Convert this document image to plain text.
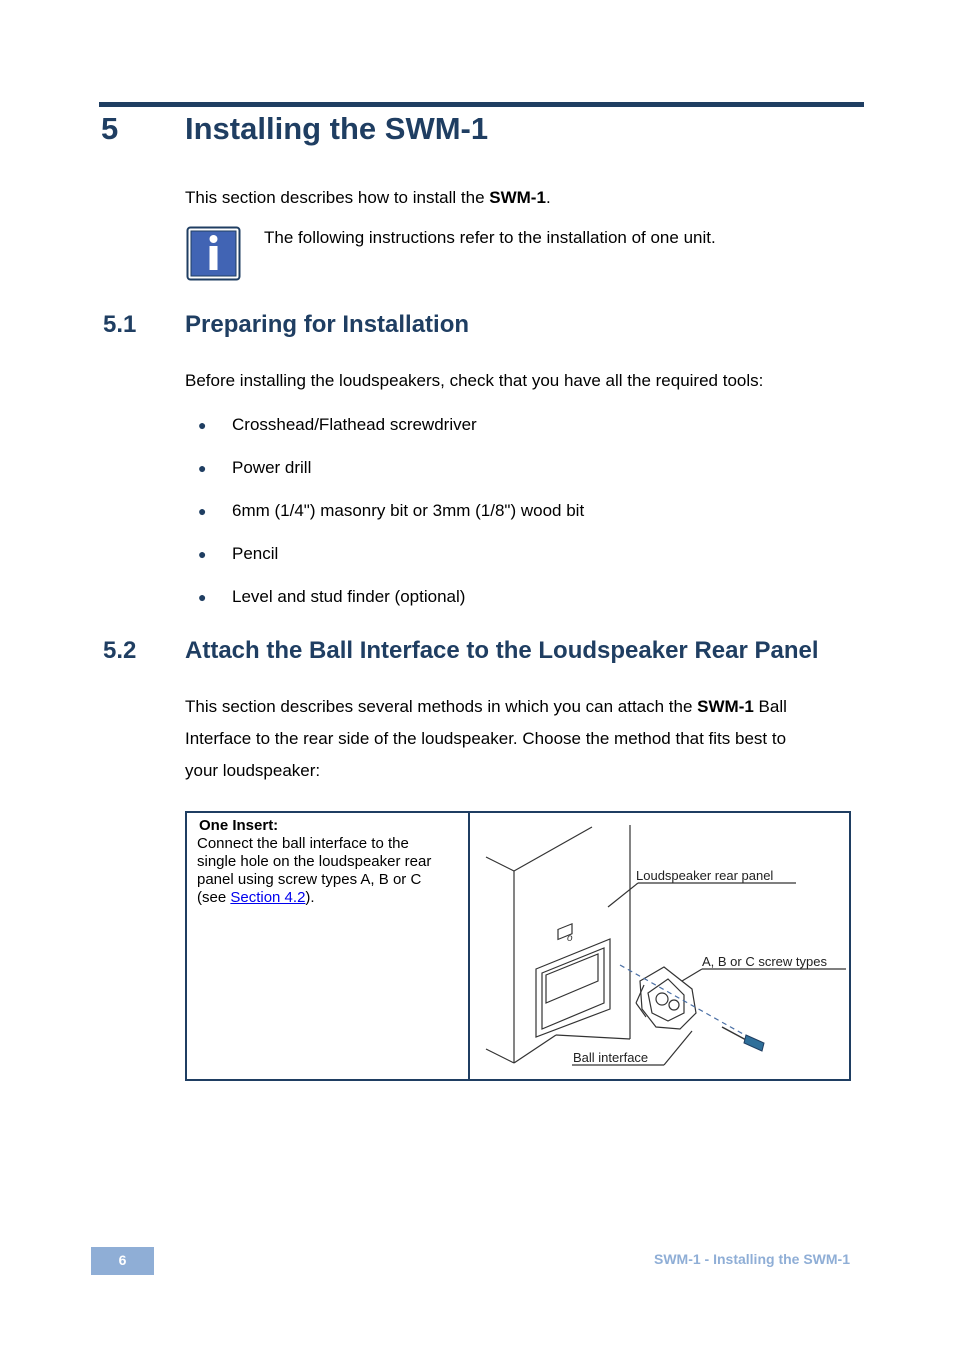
5 Installing the SWM-1
This section describes how to install the SWM-1.
The following instructions refer to the installation of one unit.
5.1 Preparing for Installation
Before installing the loudspeakers, check that you have all the required tools:
● Crosshead/Flathead screwdriver
● Power drill
● 6mm (1/4") masonry bit or 3mm (1/8") wood bit
● Pencil
● Level and stud finder (optional)
5.2 Attach the Ball Interface to the Loudspeaker Rear Panel
This section describes several methods in which you can attach the SWM-1 Ball
Interface to the rear side of the loudspeaker. Choose the method that fits best to
your loudspeaker:
One Insert:
Connect the ball interface to the
single hole on the loudspeaker rear
panel using screw types A, B or C
(see Section 4.2).

o
Loudspeaker rear panel
A, B or C screw types
Ball interface
6	SWM-1 - Installing the SWM-1
